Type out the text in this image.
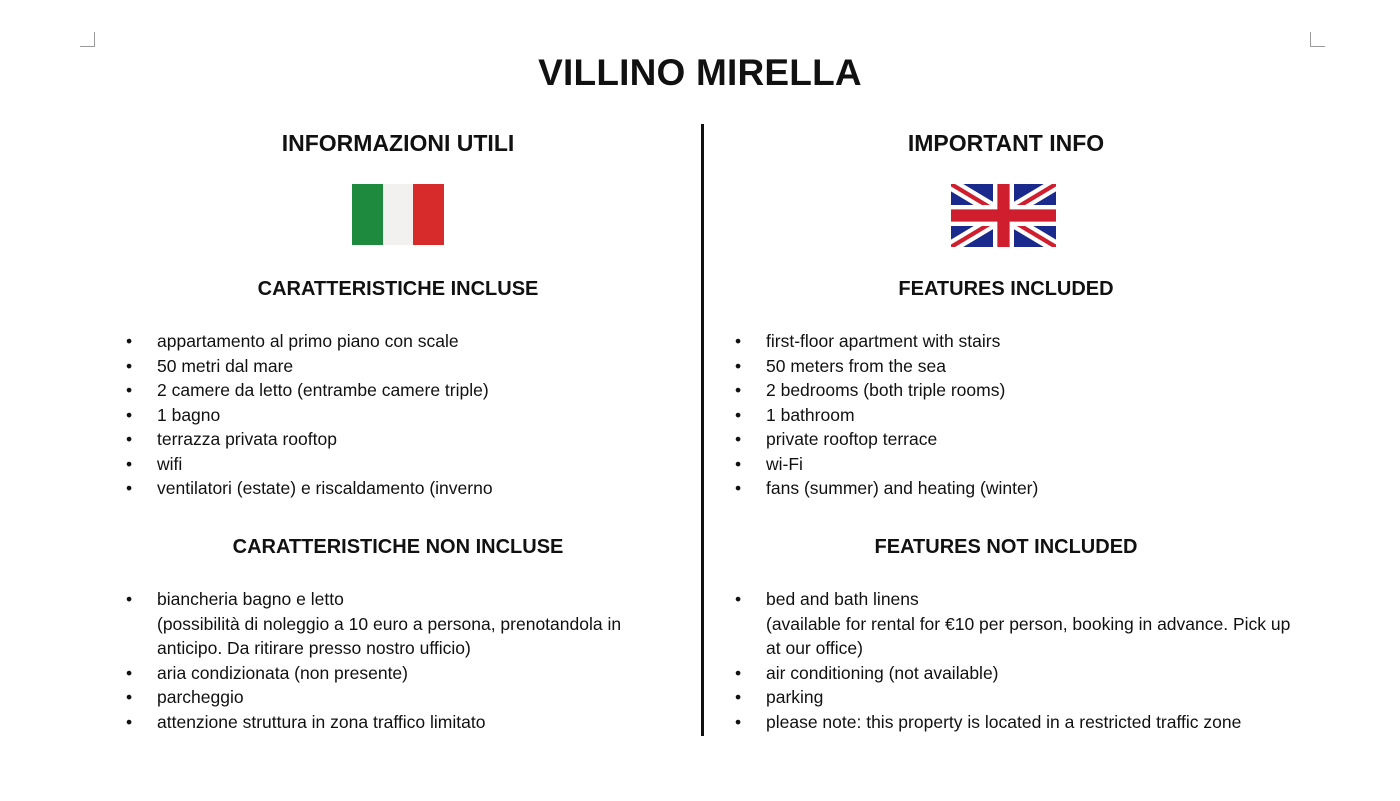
VILLINO MIRELLA
INFORMAZIONI UTILI
CARATTERISTICHE INCLUSE
• appartamento al primo piano con scale
• 50 metri dal mare
• 2 camere da letto (entrambe camere triple)
• 1 bagno
• terrazza privata rooftop
• wifi
• ventilatori (estate) e riscaldamento (inverno
CARATTERISTICHE NON INCLUSE
• biancheria bagno e letto
(possibilità di noleggio a 10 euro a persona, prenotandola in anticipo. Da ritirare presso nostro ufficio)
• aria condizionata (non presente)
• parcheggio
• attenzione struttura in zona traffico limitato
IMPORTANT INFO
FEATURES INCLUDED
• first-floor apartment with stairs
• 50 meters from the sea
• 2 bedrooms (both triple rooms)
• 1 bathroom
• private rooftop terrace
• wi-Fi
• fans (summer) and heating (winter)
FEATURES NOT INCLUDED
• bed and bath linens
(available for rental for €10 per person, booking in advance. Pick up at our office)
• air conditioning (not available)
• parking
• please note: this property is located in a restricted traffic zone
